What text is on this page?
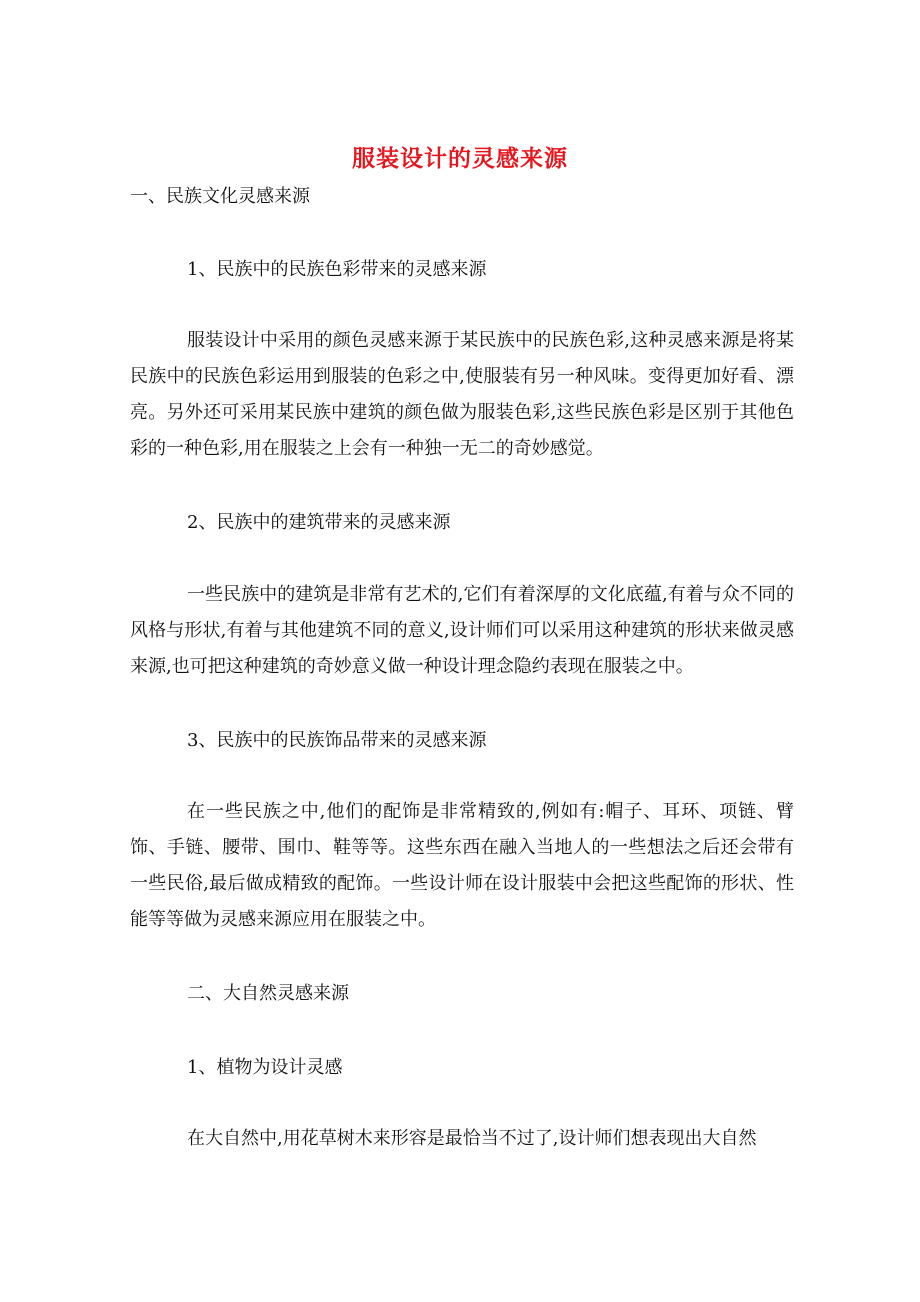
服装设计的灵感来源
一、民族文化灵感来源
1、民族中的民族色彩带来的灵感来源
服装设计中采用的颜色灵感来源于某民族中的民族色彩,这种灵感来源是将某民族中的民族色彩运用到服装的色彩之中,使服装有另一种风味。变得更加好看、漂亮。另外还可采用某民族中建筑的颜色做为服装色彩,这些民族色彩是区别于其他色彩的一种色彩,用在服装之上会有一种独一无二的奇妙感觉。
2、民族中的建筑带来的灵感来源
一些民族中的建筑是非常有艺术的,它们有着深厚的文化底蕴,有着与众不同的风格与形状,有着与其他建筑不同的意义,设计师们可以采用这种建筑的形状来做灵感来源,也可把这种建筑的奇妙意义做一种设计理念隐约表现在服装之中。
3、民族中的民族饰品带来的灵感来源
在一些民族之中,他们的配饰是非常精致的,例如有:帽子、耳环、项链、臂饰、手链、腰带、围巾、鞋等等。这些东西在融入当地人的一些想法之后还会带有一些民俗,最后做成精致的配饰。一些设计师在设计服装中会把这些配饰的形状、性能等等做为灵感来源应用在服装之中。
二、大自然灵感来源
1、植物为设计灵感
在大自然中,用花草树木来形容是最恰当不过了,设计师们想表现出大自然
